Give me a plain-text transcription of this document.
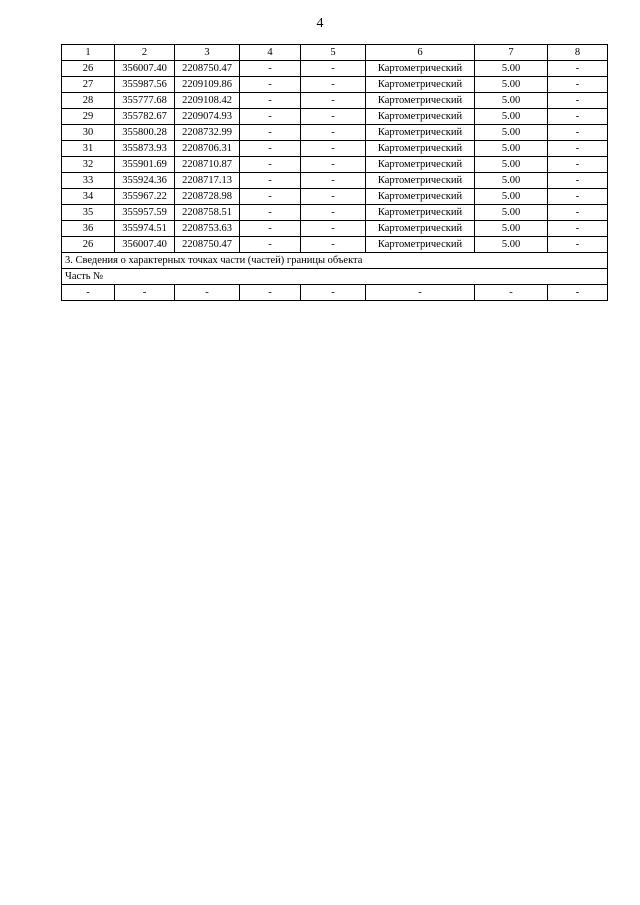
4
1	2	3	4	5	6	7	8
26	356007.40	2208750.47	-	-	Картометрический	5.00	-
27	355987.56	2209109.86	-	-	Картометрический	5.00	-
28	355777.68	2209108.42	-	-	Картометрический	5.00	-
29	355782.67	2209074.93	-	-	Картометрический	5.00	-
30	355800.28	2208732.99	-	-	Картометрический	5.00	-
31	355873.93	2208706.31	-	-	Картометрический	5.00	-
32	355901.69	2208710.87	-	-	Картометрический	5.00	-
33	355924.36	2208717.13	-	-	Картометрический	5.00	-
34	355967.22	2208728.98	-	-	Картометрический	5.00	-
35	355957.59	2208758.51	-	-	Картометрический	5.00	-
36	355974.51	2208753.63	-	-	Картометрический	5.00	-
26	356007.40	2208750.47	-	-	Картометрический	5.00	-
3. Сведения о характерных точках части (частей) границы объекта							
Часть №							
-	-	-	-	-	-	-	-
